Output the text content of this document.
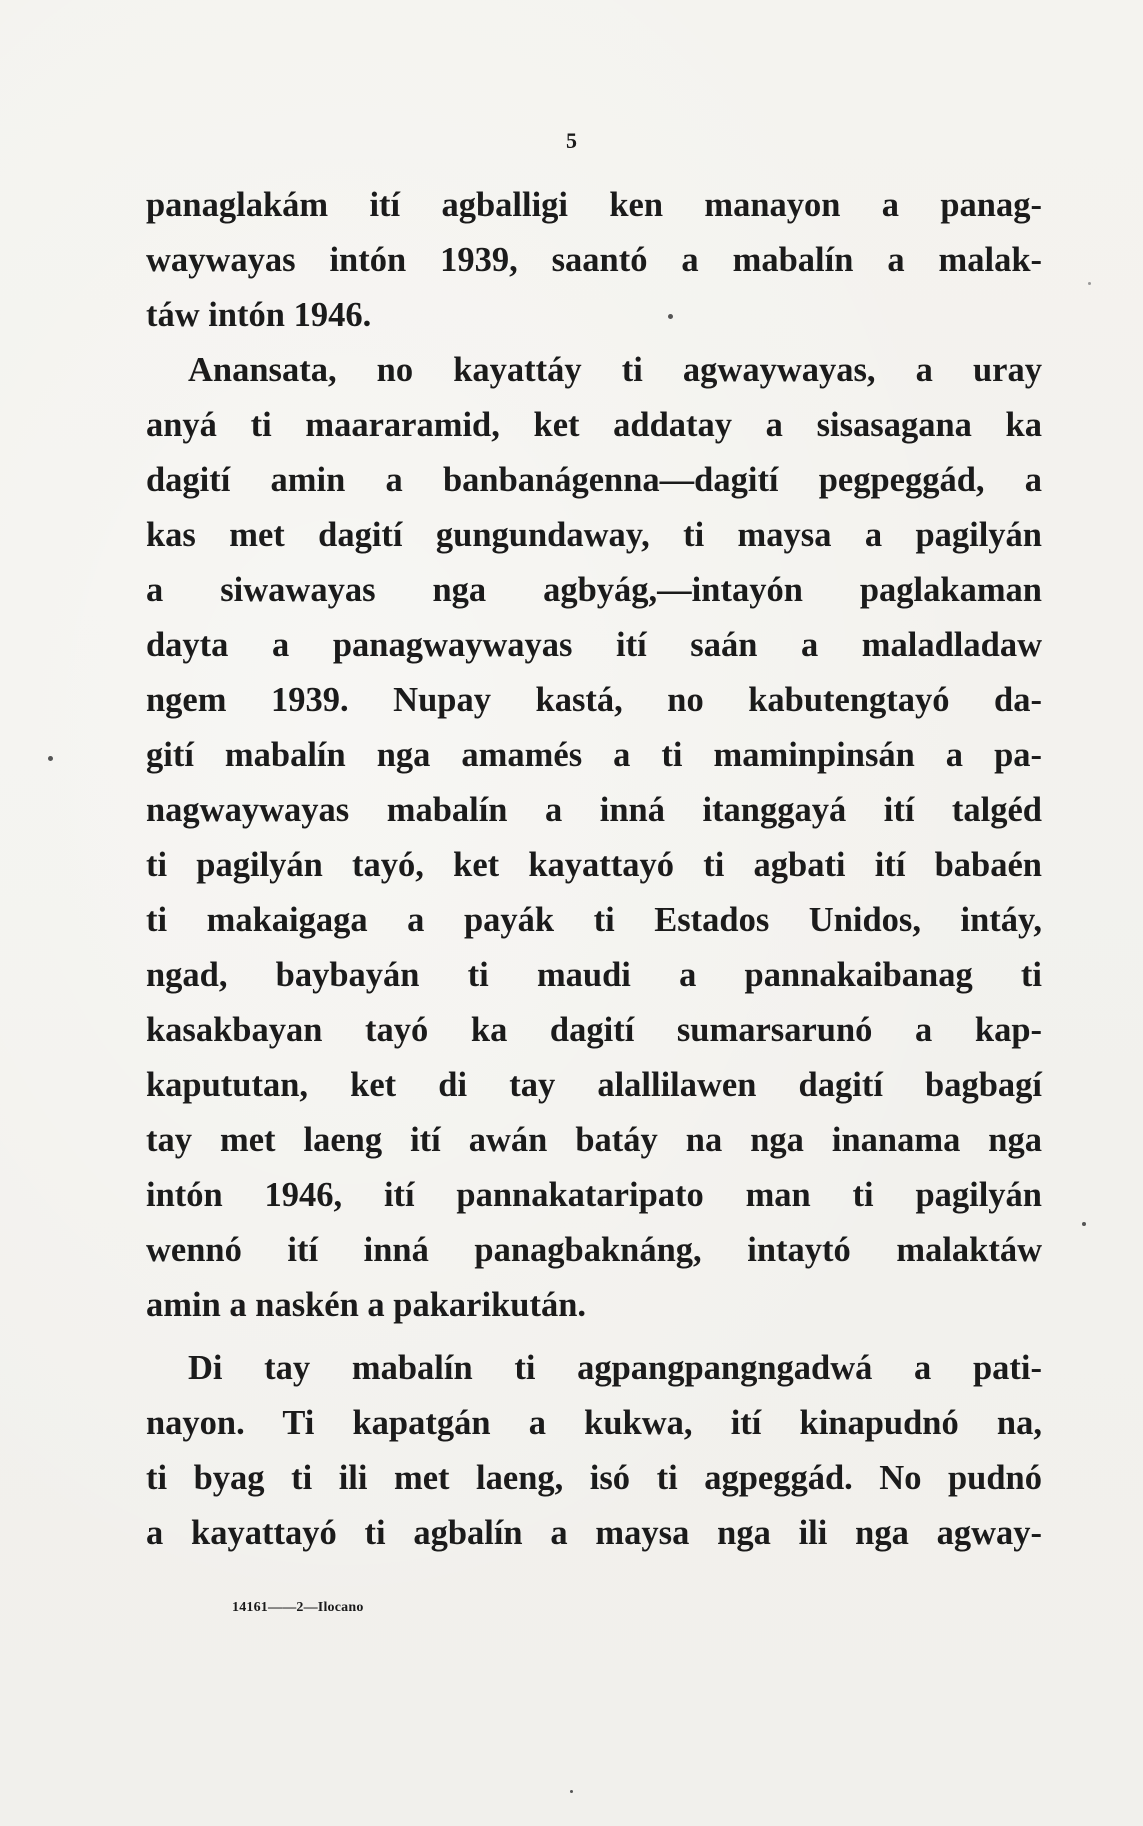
5
panaglakám ití agballigi ken manayon a panag-
waywayas intón 1939, saantó a mabalín a malak-
táw intón 1946.
Anansata, no kayattáy ti agwaywayas, a uray
anyá ti maararamid, ket addatay a sisasagana ka
dagití amin a banbanágenna—dagití pegpeggád, a
kas met dagití gungundaway, ti maysa a pagilyán
a siwawayas nga agbyág,—intayón paglakaman
dayta a panagwaywayas ití saán a maladladaw
ngem 1939. Nupay kastá, no kabutengtayó da-
gití mabalín nga amamés a ti maminpinsán a pa-
nagwaywayas mabalín a inná itanggayá ití talgéd
ti pagilyán tayó, ket kayattayó ti agbati ití babaén
ti makaigaga a payák ti Estados Unidos, intáy,
ngad, baybayán ti maudi a pannakaibanag ti
kasakbayan tayó ka dagití sumarsarunó a kap-
kapututan, ket di tay alallilawen dagití bagbagí
tay met laeng ití awán batáy na nga inanama nga
intón 1946, ití pannakataripato man ti pagilyán
wennó ití inná panagbaknáng, intaytó malaktáw
amin a naskén a pakarikután.
Di tay mabalín ti agpangpangngadwá a pati-
nayon. Ti kapatgán a kukwa, ití kinapudnó na,
ti byag ti ili met laeng, isó ti agpeggád. No pudnó
a kayattayó ti agbalín a maysa nga ili nga agway-
14161——2—Ilocano
